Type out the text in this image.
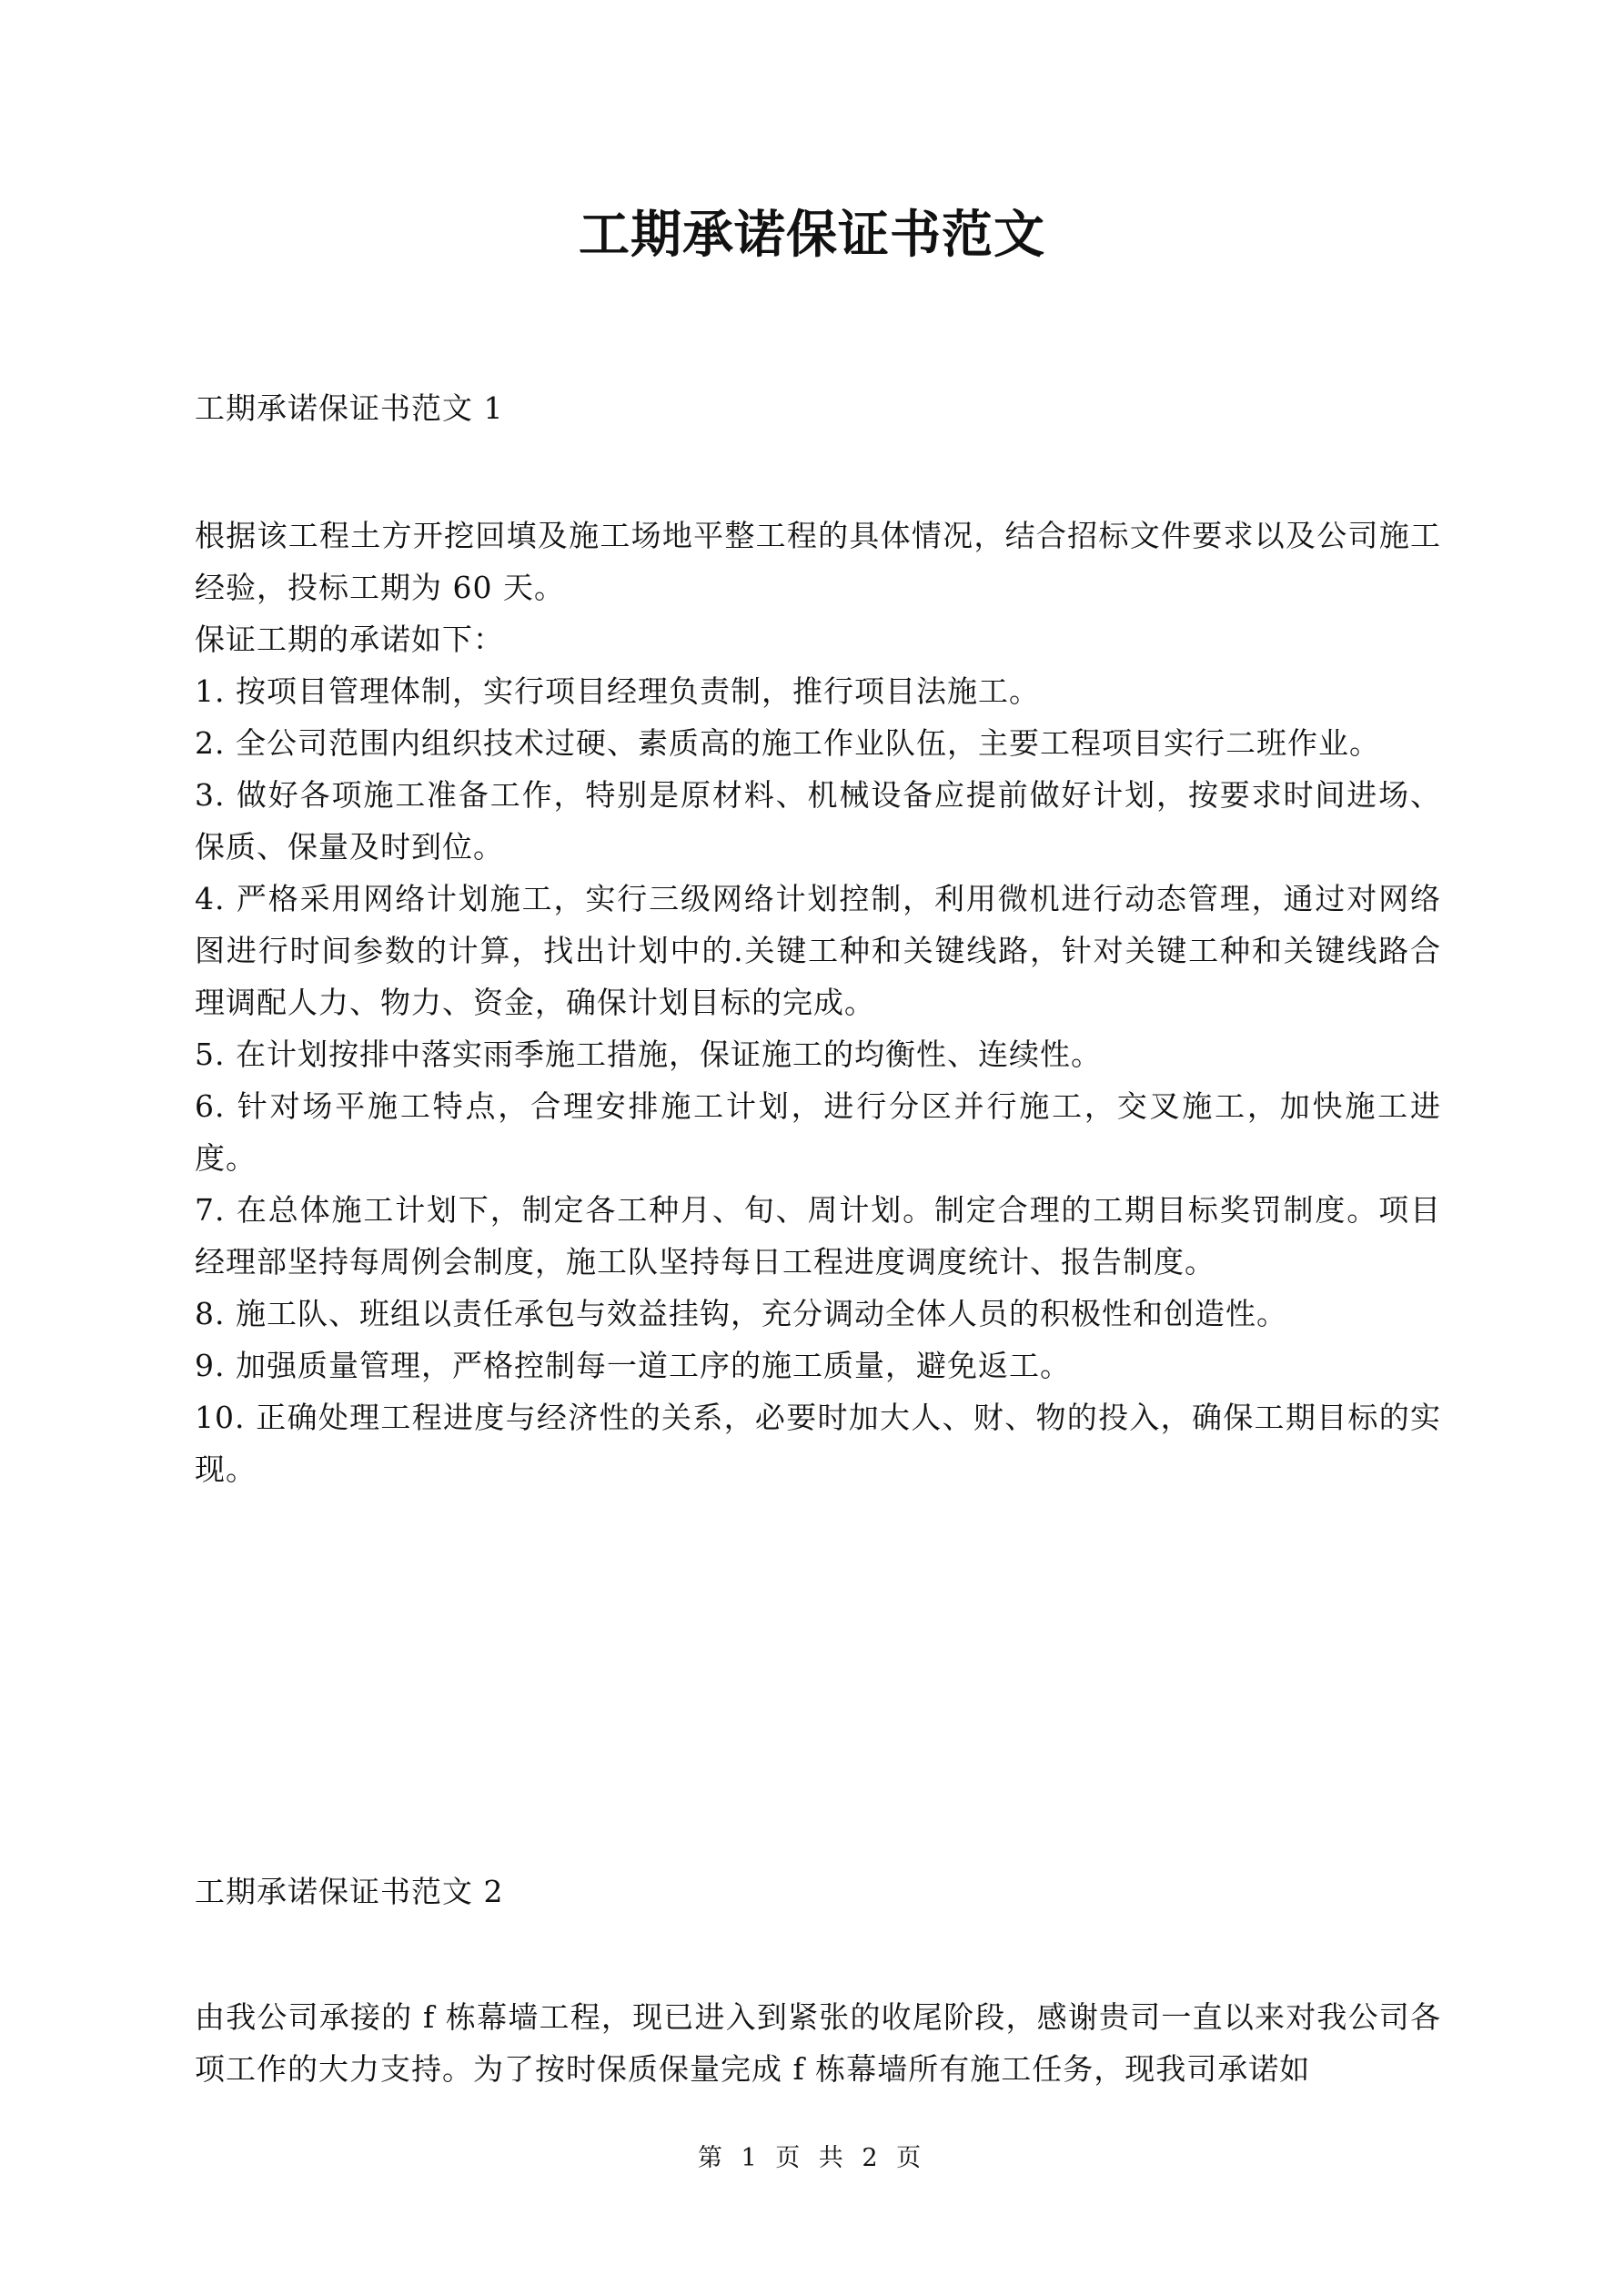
工期承诺保证书范文
工期承诺保证书范文 1

根据该工程土方开挖回填及施工场地平整工程的具体情况，结合招标文件要求以及公司施工经验，投标工期为 60 天。

保证工期的承诺如下：

1. 按项目管理体制，实行项目经理负责制，推行项目法施工。

2. 全公司范围内组织技术过硬、素质高的施工作业队伍，主要工程项目实行二班作业。

3. 做好各项施工准备工作，特别是原材料、机械设备应提前做好计划，按要求时间进场、保质、保量及时到位。

4. 严格采用网络计划施工，实行三级网络计划控制，利用微机进行动态管理，通过对网络图进行时间参数的计算，找出计划中的.关键工种和关键线路，针对关键工种和关键线路合理调配人力、物力、资金，确保计划目标的完成。

5. 在计划按排中落实雨季施工措施，保证施工的均衡性、连续性。

6. 针对场平施工特点，合理安排施工计划，进行分区并行施工，交叉施工，加快施工进度。

7. 在总体施工计划下，制定各工种月、旬、周计划。制定合理的工期目标奖罚制度。项目经理部坚持每周例会制度，施工队坚持每日工程进度调度统计、报告制度。

8. 施工队、班组以责任承包与效益挂钩，充分调动全体人员的积极性和创造性。

9. 加强质量管理，严格控制每一道工序的施工质量，避免返工。

10. 正确处理工程进度与经济性的关系，必要时加大人、财、物的投入，确保工期目标的实现。

工期承诺保证书范文 2

由我公司承接的 f 栋幕墙工程，现已进入到紧张的收尾阶段，感谢贵司一直以来对我公司各项工作的大力支持。为了按时保质保量完成 f 栋幕墙所有施工任务，现我司承诺如

第 1 页 共 2 页
